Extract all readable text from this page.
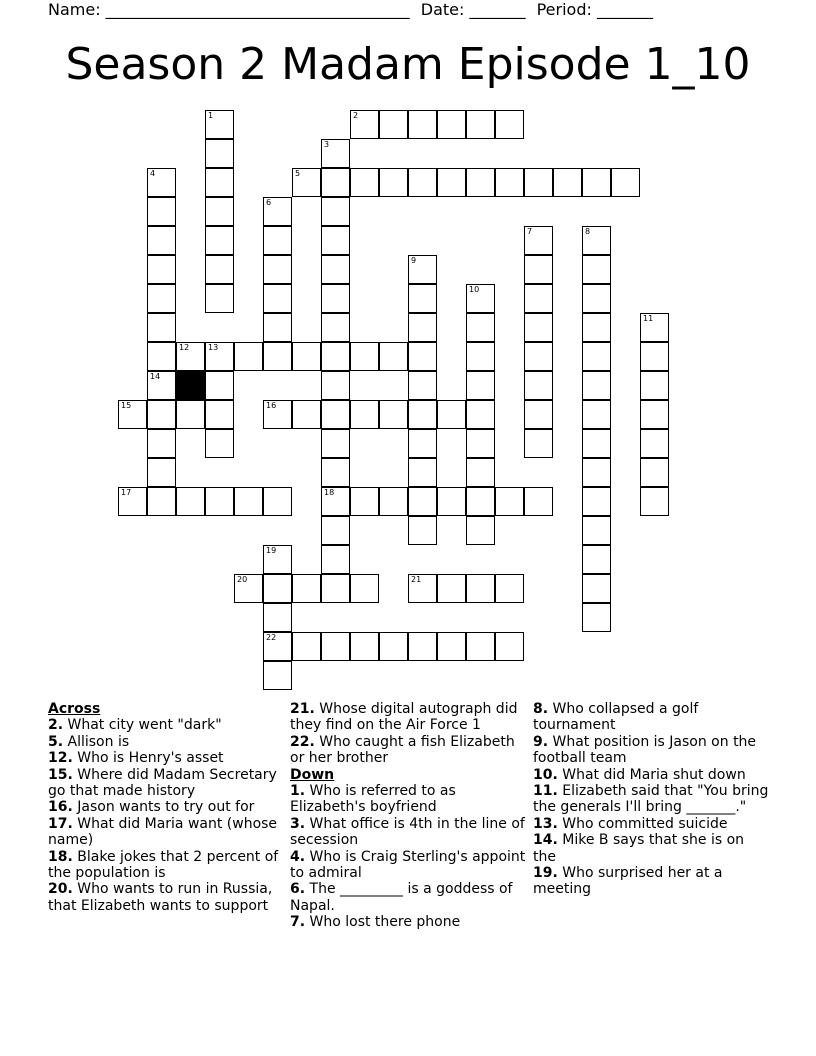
Name: ______________________________________ Date: _______ Period: _______
Season 2 Madam Episode 1_10
1	2
3
18
4
14
5
6
7	8
9
10
11
12 13
15	16
17
19
22
20	21
Across
2. What city went "dark"
5. Allison is
12. Who is Henry's asset
15. Where did Madam Secretary go that made history
16. Jason wants to try out for
17. What did Maria want (whose name)
18. Blake jokes that 2 percent of the population is
20. Who wants to run in Russia, that Elizabeth wants to support
21. Whose digital autograph did they find on the Air Force 1
22. Who caught a fish Elizabeth or her brother
Down
1. Who is referred to as Elizabeth's boyfriend
3. What office is 4th in the line of secession
4. Who is Craig Sterling's appoint to admiral
6. The _________ is a goddess of Napal.
7. Who lost there phone
8. Who collapsed a golf tournament
9. What position is Jason on the football team
10. What did Maria shut down
11. Elizabeth said that "You bring the generals I'll bring _______."
13. Who committed suicide
14. Mike B says that she is on the
19. Who surprised her at a meeting
